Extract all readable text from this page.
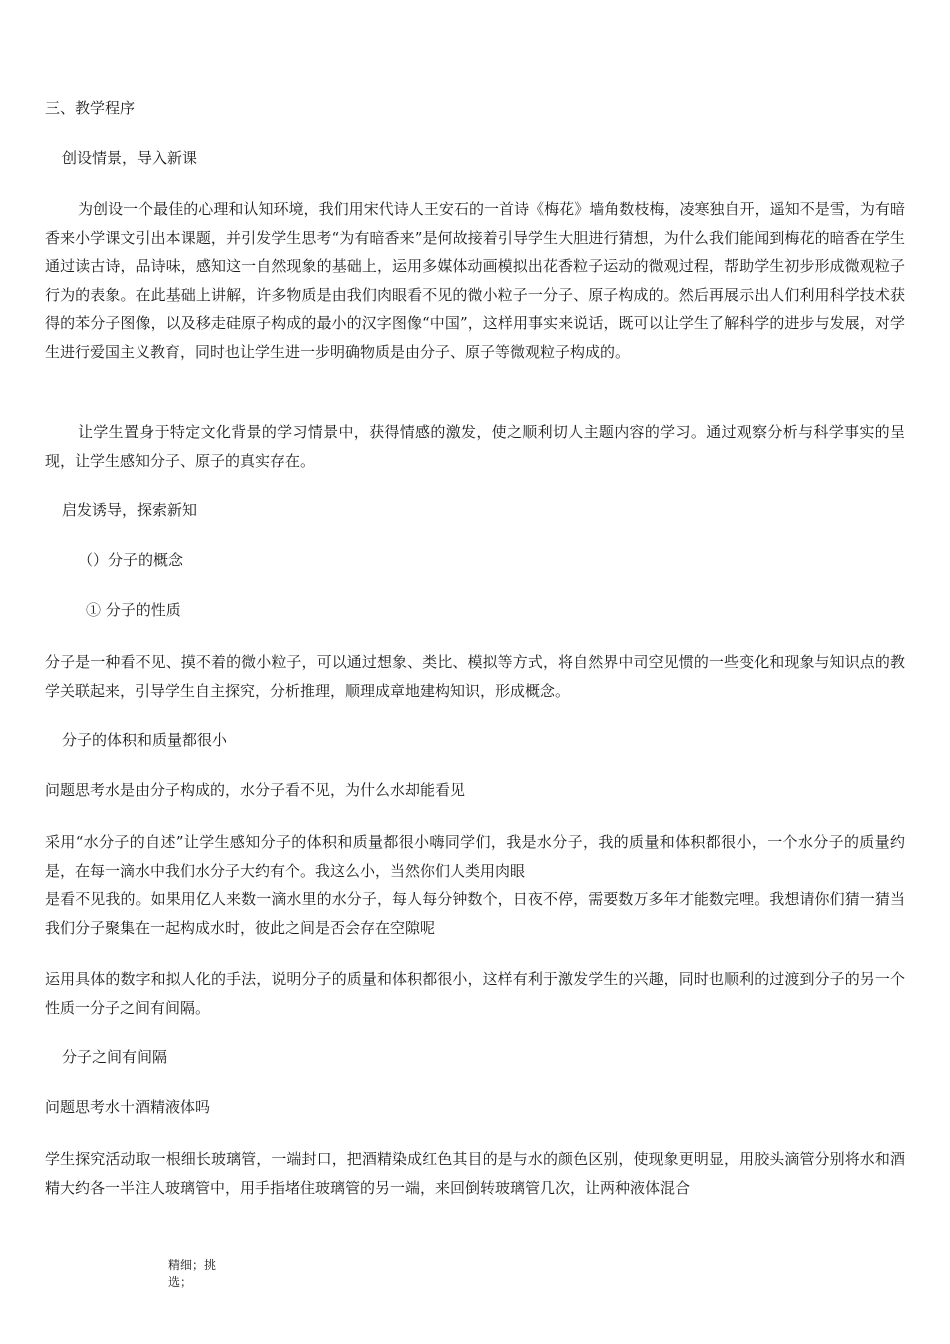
三、教学程序
创设情景，导入新课
为创设一个最佳的心理和认知环境，我们用宋代诗人王安石的一首诗《梅花》墙角数枝梅，凌寒独自开，遥知不是雪，为有暗香来小学课文引出本课题，并引发学生思考“为有暗香来”是何故接着引导学生大胆进行猜想，为什么我们能闻到梅花的暗香在学生通过读古诗，品诗味，感知这一自然现象的基础上，运用多媒体动画模拟出花香粒子运动的微观过程，帮助学生初步形成微观粒子行为的表象。在此基础上讲解，许多物质是由我们肉眼看不见的微小粒子一分子、原子构成的。然后再展示出人们利用科学技术获得的苯分子图像，以及移走硅原子构成的最小的汉字图像“中国”，这样用事实来说话，既可以让学生了解科学的进步与发展，对学生进行爱国主义教育，同时也让学生进一步明确物质是由分子、原子等微观粒子构成的。
让学生置身于特定文化背景的学习情景中，获得情感的激发，使之顺利切人主题内容的学习。通过观察分析与科学事实的呈现，让学生感知分子、原子的真实存在。
启发诱导，探索新知
（）分子的概念
① 分子的性质
分子是一种看不见、摸不着的微小粒子，可以通过想象、类比、模拟等方式，将自然界中司空见惯的一些变化和现象与知识点的教学关联起来，引导学生自主探究，分析推理，顺理成章地建构知识，形成概念。
分子的体积和质量都很小
问题思考水是由分子构成的，水分子看不见，为什么水却能看见
采用“水分子的自述”让学生感知分子的体积和质量都很小嗨同学们，我是水分子，我的质量和体积都很小，一个水分子的质量约是，在每一滴水中我们水分子大约有个。我这么小，当然你们人类用肉眼
是看不见我的。如果用亿人来数一滴水里的水分子，每人每分钟数个，日夜不停，需要数万多年才能数完哩。我想请你们猜一猜当我们分子聚集在一起构成水时，彼此之间是否会存在空隙呢
运用具体的数字和拟人化的手法，说明分子的质量和体积都很小，这样有利于激发学生的兴趣，同时也顺利的过渡到分子的另一个性质一分子之间有间隔。
分子之间有间隔
问题思考水十酒精液体吗
学生探究活动取一根细长玻璃管，一端封口，把酒精染成红色其目的是与水的颜色区别，使现象更明显，用胶头滴管分别将水和酒精大约各一半注人玻璃管中，用手指堵住玻璃管的另一端，来回倒转玻璃管几次，让两种液体混合
精细；挑选；
